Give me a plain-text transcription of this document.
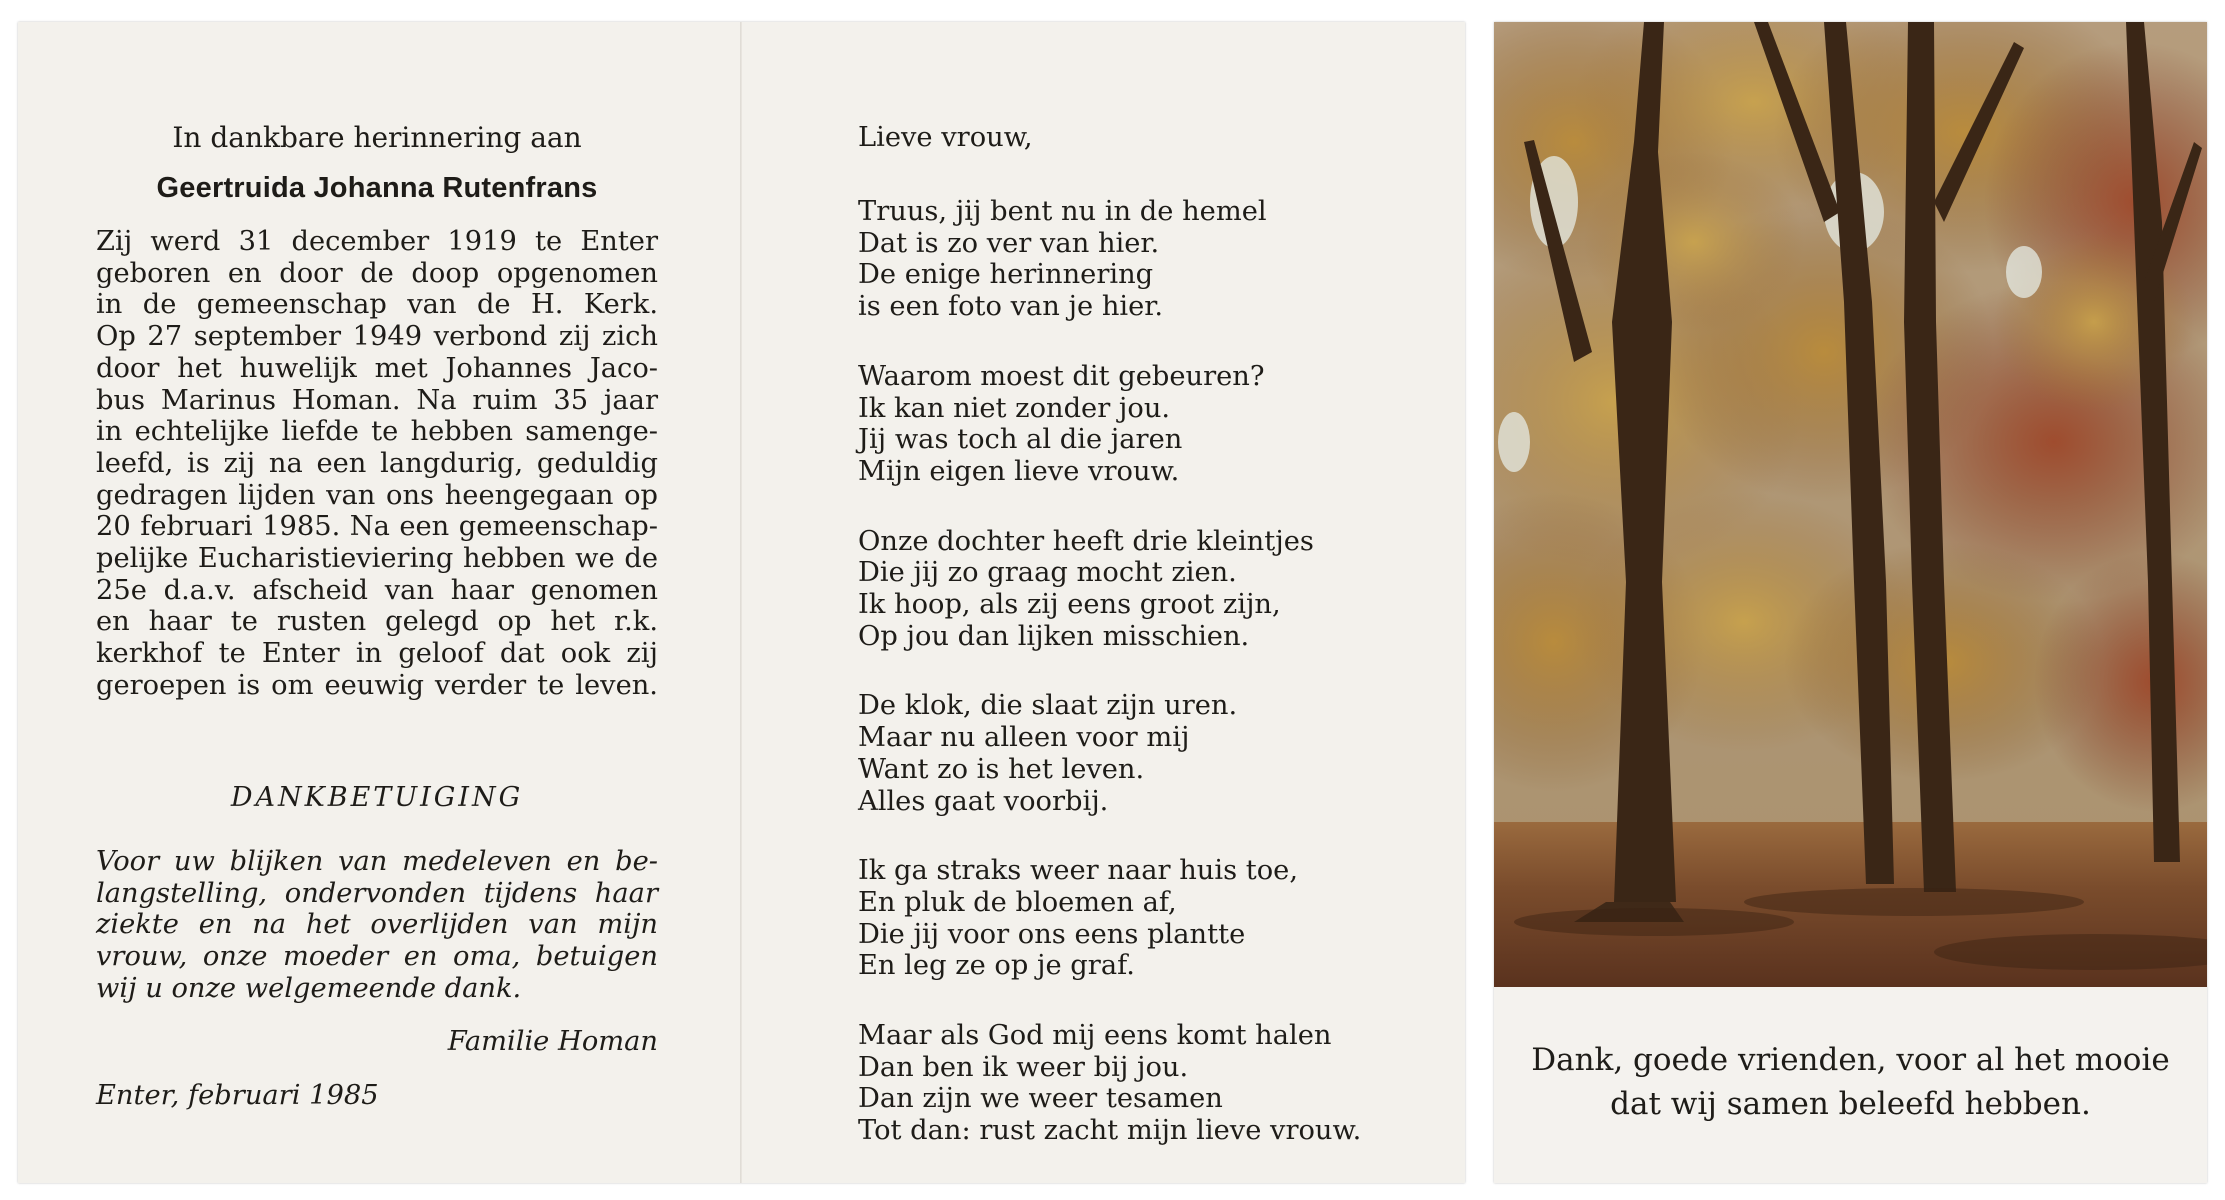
In dankbare herinnering aan

Geertruida Johanna Rutenfrans

Zij werd 31 december 1919 te Enter
geboren en door de doop opgenomen
in de gemeenschap van de H. Kerk.
Op 27 september 1949 verbond zij zich
door het huwelijk met Johannes Jaco-
bus Marinus Homan. Na ruim 35 jaar
in echtelijke liefde te hebben samenge-
leefd, is zij na een langdurig, geduldig
gedragen lijden van ons heengegaan op
20 februari 1985. Na een gemeenschap-
pelijke Eucharistieviering hebben we de
25e d.a.v. afscheid van haar genomen
en haar te rusten gelegd op het r.k.
kerkhof te Enter in geloof dat ook zij
geroepen is om eeuwig verder te leven.

DANKBETUIGING

Voor uw blijken van medeleven en be-
langstelling, ondervonden tijdens haar
ziekte en na het overlijden van mijn
vrouw, onze moeder en oma, betuigen
wij u onze welgemeende dank.

Familie Homan

Enter, februari 1985

Lieve vrouw,

Truus, jij bent nu in de hemel
Dat is zo ver van hier.
De enige herinnering
is een foto van je hier.
Waarom moest dit gebeuren?
Ik kan niet zonder jou.
Jij was toch al die jaren
Mijn eigen lieve vrouw.
Onze dochter heeft drie kleintjes
Die jij zo graag mocht zien.
Ik hoop, als zij eens groot zijn,
Op jou dan lijken misschien.
De klok, die slaat zijn uren.
Maar nu alleen voor mij
Want zo is het leven.
Alles gaat voorbij.
Ik ga straks weer naar huis toe,
En pluk de bloemen af,
Die jij voor ons eens plantte
En leg ze op je graf.
Maar als God mij eens komt halen
Dan ben ik weer bij jou.
Dan zijn we weer tesamen
Tot dan: rust zacht mijn lieve vrouw.

Dank, goede vrienden, voor al het mooie
dat wij samen beleefd hebben.
